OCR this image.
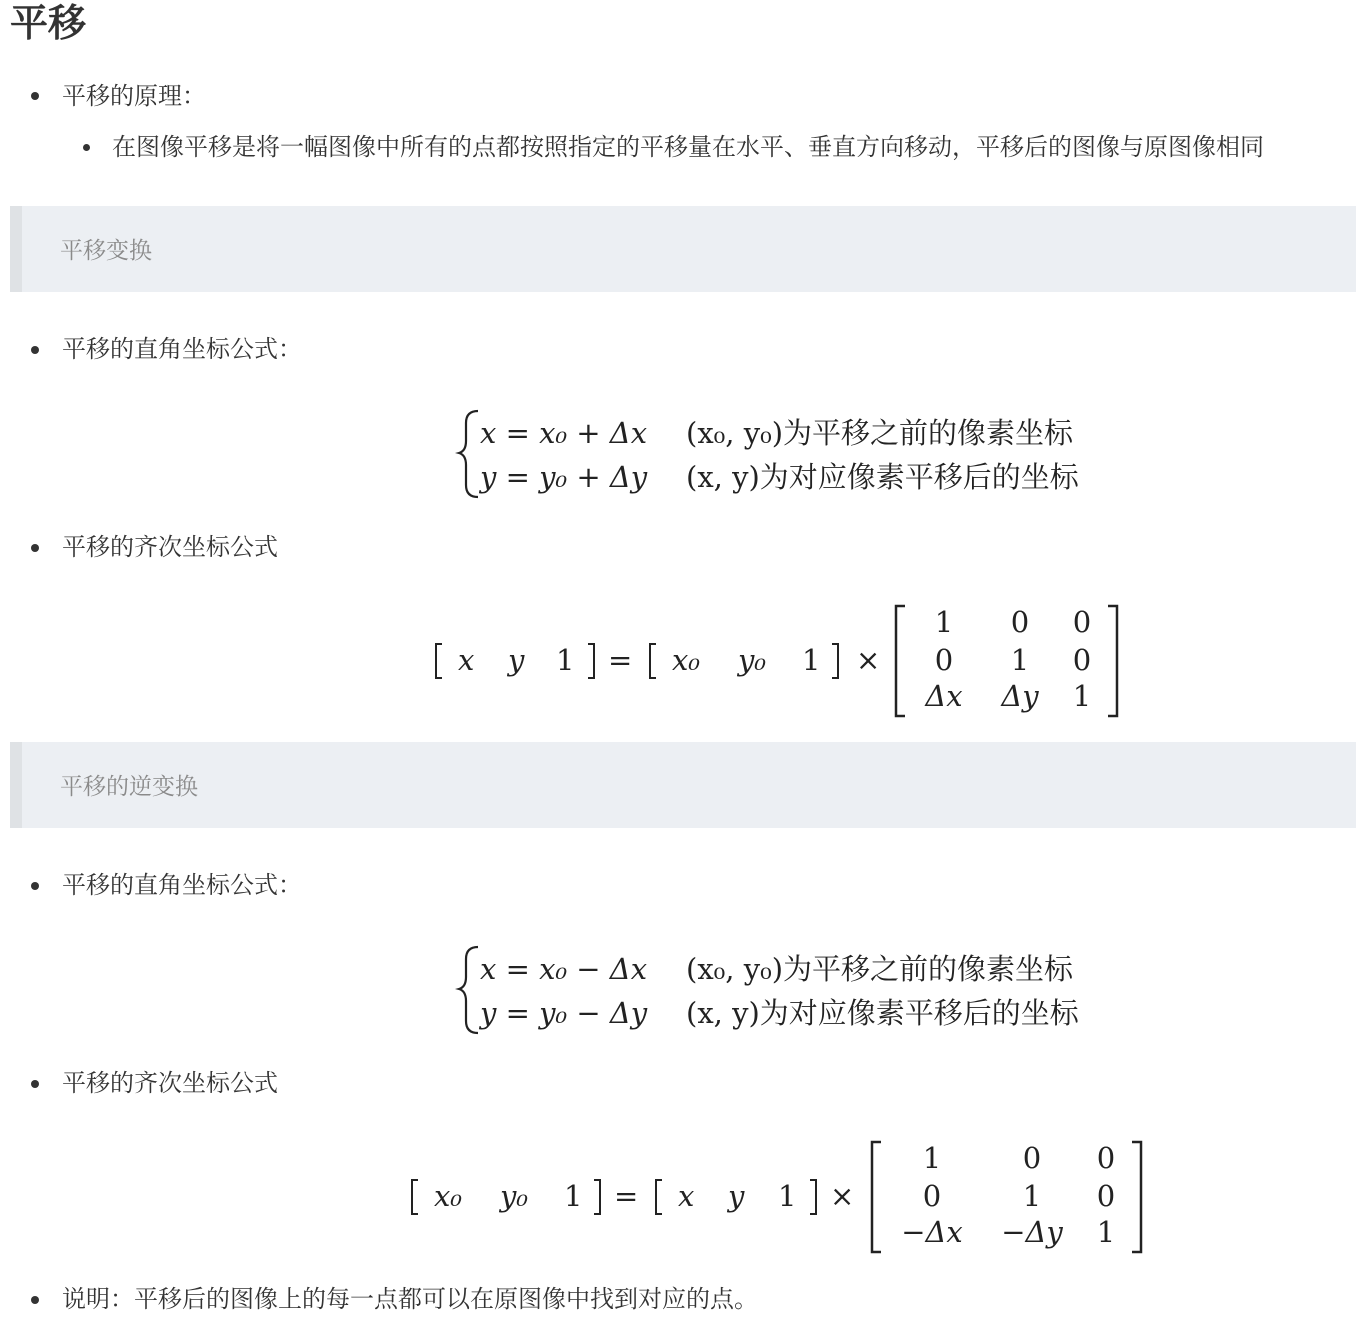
平移
平移的原理：
在图像平移是将一幅图像中所有的点都按照指定的平移量在水平、垂直方向移动，平移后的图像与原图像相同
平移变换
平移的直角坐标公式：
x = x₀ + Δx
y = y₀ + Δy
(x₀, y₀)为平移之前的像素坐标
(x, y)为对应像素平移后的坐标
平移的齐次坐标公式
x y 1 = x₀ y₀ 1 ×
1 0 0
0 1 0
Δx Δy 1
平移的逆变换
平移的直角坐标公式：
x = x₀ − Δx
y = y₀ − Δy
(x₀, y₀)为平移之前的像素坐标
(x, y)为对应像素平移后的坐标
平移的齐次坐标公式
x₀ y₀ 1 = x y 1 ×
1	0 0
0	1 0
−Δx −Δy 1
说明：平移后的图像上的每一点都可以在原图像中找到对应的点。
